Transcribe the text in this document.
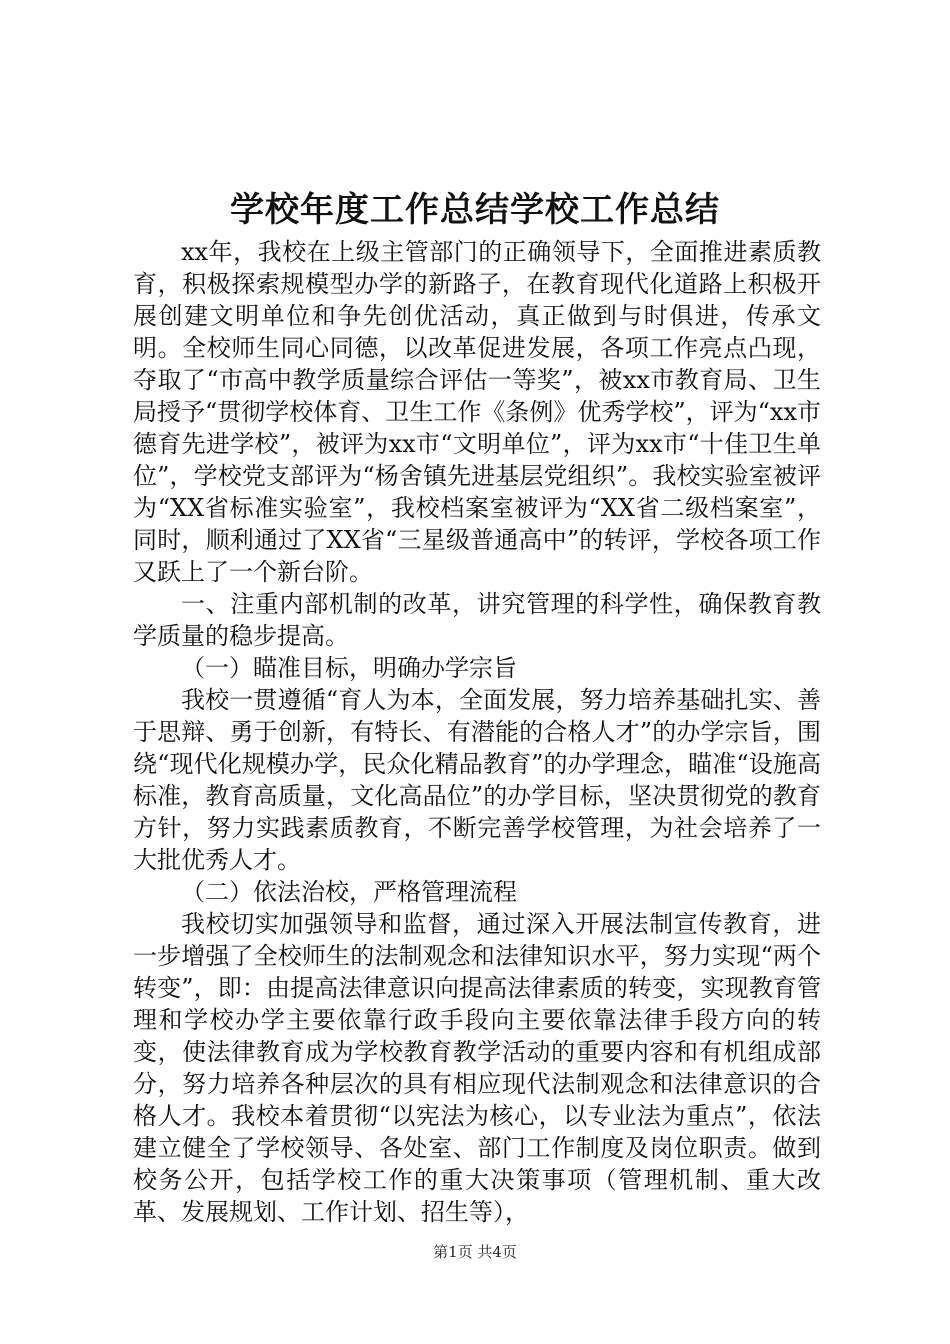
学校年度工作总结学校工作总结

xx年，我校在上级主管部门的正确领导下，全面推进素质教育，积极探索规模型办学的新路子，在教育现代化道路上积极开展创建文明单位和争先创优活动，真正做到与时俱进，传承文明。全校师生同心同德，以改革促进发展，各项工作亮点凸现，夺取了“市高中教学质量综合评估一等奖”，被xx市教育局、卫生局授予“贯彻学校体育、卫生工作《条例》优秀学校”，评为“xx市德育先进学校”，被评为xx市“文明单位”，评为xx市“十佳卫生单位”，学校党支部评为“杨舍镇先进基层党组织”。我校实验室被评为“XX省标准实验室”，我校档案室被评为“XX省二级档案室”，同时，顺利通过了XX省“三星级普通高中”的转评，学校各项工作又跃上了一个新台阶。

一、注重内部机制的改革，讲究管理的科学性，确保教育教学质量的稳步提高。

（一）瞄准目标，明确办学宗旨

我校一贯遵循“育人为本，全面发展，努力培养基础扎实、善于思辩、勇于创新，有特长、有潜能的合格人才”的办学宗旨，围绕“现代化规模办学，民众化精品教育”的办学理念，瞄准“设施高标准，教育高质量，文化高品位”的办学目标，坚决贯彻党的教育方针，努力实践素质教育，不断完善学校管理，为社会培养了一大批优秀人才。

（二）依法治校，严格管理流程

我校切实加强领导和监督，通过深入开展法制宣传教育，进一步增强了全校师生的法制观念和法律知识水平，努力实现“两个转变”，即：由提高法律意识向提高法律素质的转变，实现教育管理和学校办学主要依靠行政手段向主要依靠法律手段方向的转变，使法律教育成为学校教育教学活动的重要内容和有机组成部分，努力培养各种层次的具有相应现代法制观念和法律意识的合格人才。我校本着贯彻“以宪法为核心，以专业法为重点”，依法建立健全了学校领导、各处室、部门工作制度及岗位职责。做到校务公开，包括学校工作的重大决策事项（管理机制、重大改革、发展规划、工作计划、招生等），

第1页 共4页
